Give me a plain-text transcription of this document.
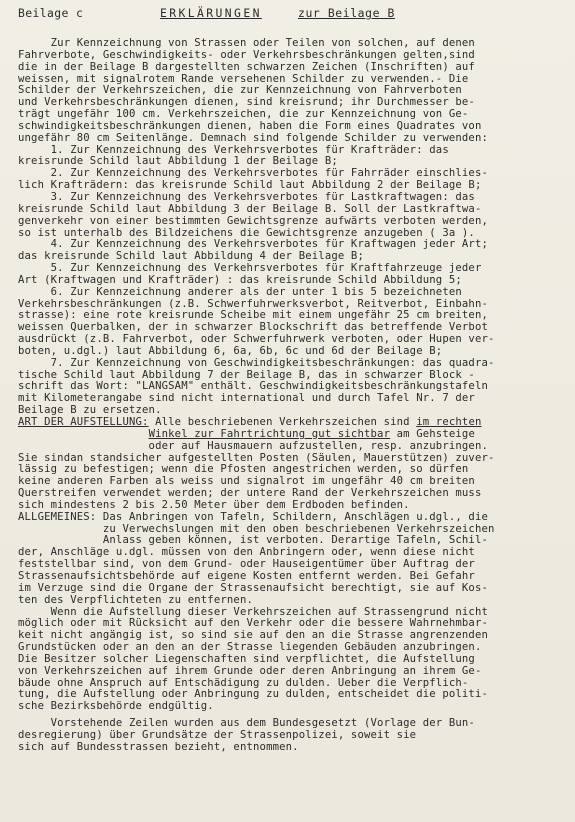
Beilage c

	ERKLÄRUNGEN

	zur Beilage B

Zur Kennzeichnung von Strassen oder Teilen von solchen, auf denen
Fahrverbote, Geschwindigkeits- oder Verkehrsbeschränkungen gelten,sind
die in der Beilage B dargestellten schwarzen Zeichen (Inschriften) auf
weissen, mit signalrotem Rande versehenen Schilder zu verwenden.- Die
Schilder der Verkehrszeichen, die zur Kennzeichnung von Fahrverboten
und Verkehrsbeschränkungen dienen, sind kreisrund; ihr Durchmesser be-
trägt ungefähr 100 cm. Verkehrszeichen, die zur Kennzeichnung von Ge-
schwindigkeitsbeschränkungen dienen, haben die Form eines Quadrates von
ungefähr 80 cm Seitenlänge. Demnach sind folgende Schilder zu verwenden:
1. Zur Kennzeichnung des Verkehrsverbotes für Krafträder: das
kreisrunde Schild laut Abbildung 1 der Beilage B;
2. Zur Kennzeichnung des Verkehrsverbotes für Fahrräder einschlies-
lich Krafträdern: das kreisrunde Schild laut Abbildung 2 der Beilage B;
3. Zur Kennzeichnung des Verkehrsverbotes für Lastkraftwagen: das
kreisrunde Schild laut Abbildung 3 der Beilage B. Soll der Lastkraftwa-
genverkehr von einer bestimmten Gewichtsgrenze aufwärts verboten werden,
so ist unterhalb des Bildzeichens die Gewichtsgrenze anzugeben ( 3a ).
4. Zur Kennzeichnung des Verkehrsverbotes für Kraftwagen jeder Art;
das kreisrunde Schild laut Abbildung 4 der Beilage B;
5. Zur Kennzeichnung des Verkehrsverbotes für Kraftfahrzeuge jeder
Art (Kraftwagen und Krafträder) : das kreisrunde Schild Abbildung 5;
6. Zur Kennzeichnung anderer als der unter 1 bis 5 bezeichneten
Verkehrsbeschränkungen (z.B. Schwerfuhrwerksverbot, Reitverbot, Einbahn-
strasse): eine rote kreisrunde Scheibe mit einem ungefähr 25 cm breiten,
weissen Querbalken, der in schwarzer Blockschrift das betreffende Verbot
ausdrückt (z.B. Fahrverbot, oder Schwerfuhrwerk verboten, oder Hupen ver-
boten, u.dgl.) laut Abbildung 6, 6a, 6b, 6c und 6d der Beilage B;
7. Zur Kennzeichnung von Geschwindigkeitsbeschränkungen: das quadra-
tische Schild laut Abbildung 7 der Beilage B, das in schwarzer Block -
schrift das Wort: "LANGSAM" enthält. Geschwindigkeitsbeschränkungstafeln
mit Kilometerangabe sind nicht international und durch Tafel Nr. 7 der
Beilage B zu ersetzen.
ART DER AUFSTELLUNG: Alle beschriebenen Verkehrszeichen sind im rechten
Winkel zur Fahrtrichtung gut sichtbar am Gehsteige
oder auf Hausmauern aufzustellen, resp. anzubringen.
Sie sindan standsicher aufgestellten Posten (Säulen, Mauerstützen) zuver-
lässig zu befestigen; wenn die Pfosten angestrichen werden, so dürfen
keine anderen Farben als weiss und signalrot im ungefähr 40 cm breiten
Querstreifen verwendet werden; der untere Rand der Verkehrszeichen muss
sich mindestens 2 bis 2.50 Meter über dem Erdboden befinden.
ALLGEMEINES: Das Anbringen von Tafeln, Schildern, Anschlägen u.dgl., die
zu Verwechslungen mit den oben beschriebenen Verkehrszeichen
Anlass geben können, ist verboten. Derartige Tafeln, Schil-
der, Anschläge u.dgl. müssen von den Anbringern oder, wenn diese nicht
feststellbar sind, von dem Grund- oder Hauseigentümer über Auftrag der
Strassenaufsichtsbehörde auf eigene Kosten entfernt werden. Bei Gefahr
im Verzuge sind die Organe der Strassenaufsicht berechtigt, sie auf Kos-
ten des Verpflichteten zu entfernen.
Wenn die Aufstellung dieser Verkehrszeichen auf Strassengrund nicht
möglich oder mit Rücksicht auf den Verkehr oder die bessere Wahrnehmbar-
keit nicht angängig ist, so sind sie auf den an die Strasse angrenzenden
Grundstücken oder an den an der Strasse liegenden Gebäuden anzubringen.
Die Besitzer solcher Liegenschaften sind verpflichtet, die Aufstellung
von Verkehrszeichen auf ihrem Grunde oder deren Anbringung an ihrem Ge-
bäude ohne Anspruch auf Entschädigung zu dulden. Ueber die Verpflich-
tung, die Aufstellung oder Anbringung zu dulden, entscheidet die politi-
sche Bezirksbehörde endgültig.
Vorstehende Zeilen wurden aus dem Bundesgesetzt (Vorlage der Bun-
desregierung) über Grundsätze der Strassenpolizei, soweit sie
sich auf Bundesstrassen bezieht, entnommen.
